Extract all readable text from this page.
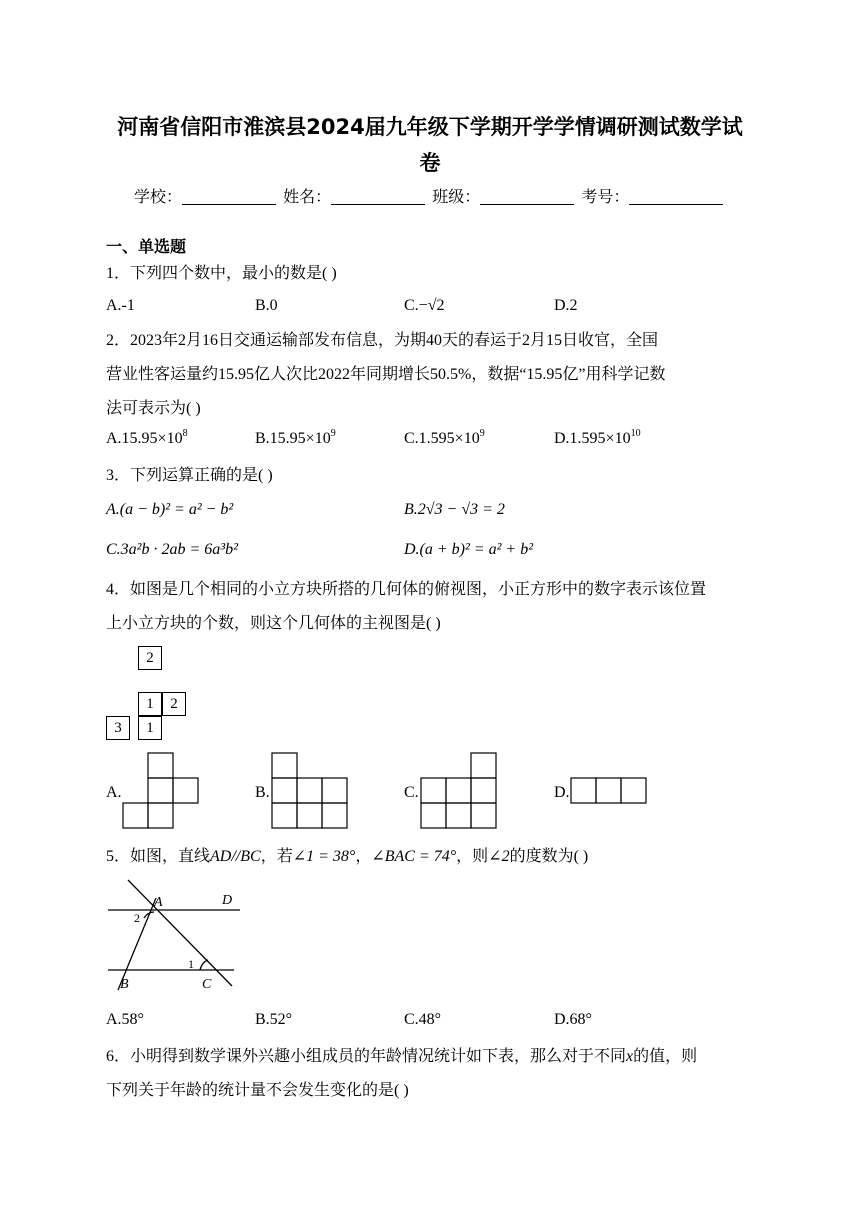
河南省信阳市淮滨县2024届九年级下学期开学学情调研测试数学试
卷
学校：	姓名：	班级：	考号：
一、单选题
1．下列四个数中，最小的数是( )
A.-1	B.0	C.−√2	D.2
2．2023年2月16日交通运输部发布信息，为期40天的春运于2月15日收官，全国
营业性客运量约15.95亿人次比2022年同期增长50.5%，数据“15.95亿”用科学记数
法可表示为( )
$A.15.95\times 10^8$	$B.15.95\times 10^9$	$C.1.595\times 10^9$	$D.1.595\times 10^{10}$
3．下列运算正确的是( )
A.(a − b)² = a² − b²	B.2√3 − √3 = 2
C.3a²b · 2ab = 6a³b²	D.(a + b)² = a² + b²
4．如图是几个相同的小立方块所搭的几何体的俯视图，小正方形中的数字表示该位置
上小立方块的个数，则这个几何体的主视图是( )
2
1	2
3	1
A.	B.	C.	D.
5．如图，直线AD//BC，若∠1 = 38°，∠BAC = 74°，则∠2的度数为( )
A	D
B	C
1
2
A.58°	B.52°	C.48°	D.68°
6．小明得到数学课外兴趣小组成员的年龄情况统计如下表，那么对于不同x的值，则
下列关于年龄的统计量不会发生变化的是( )
